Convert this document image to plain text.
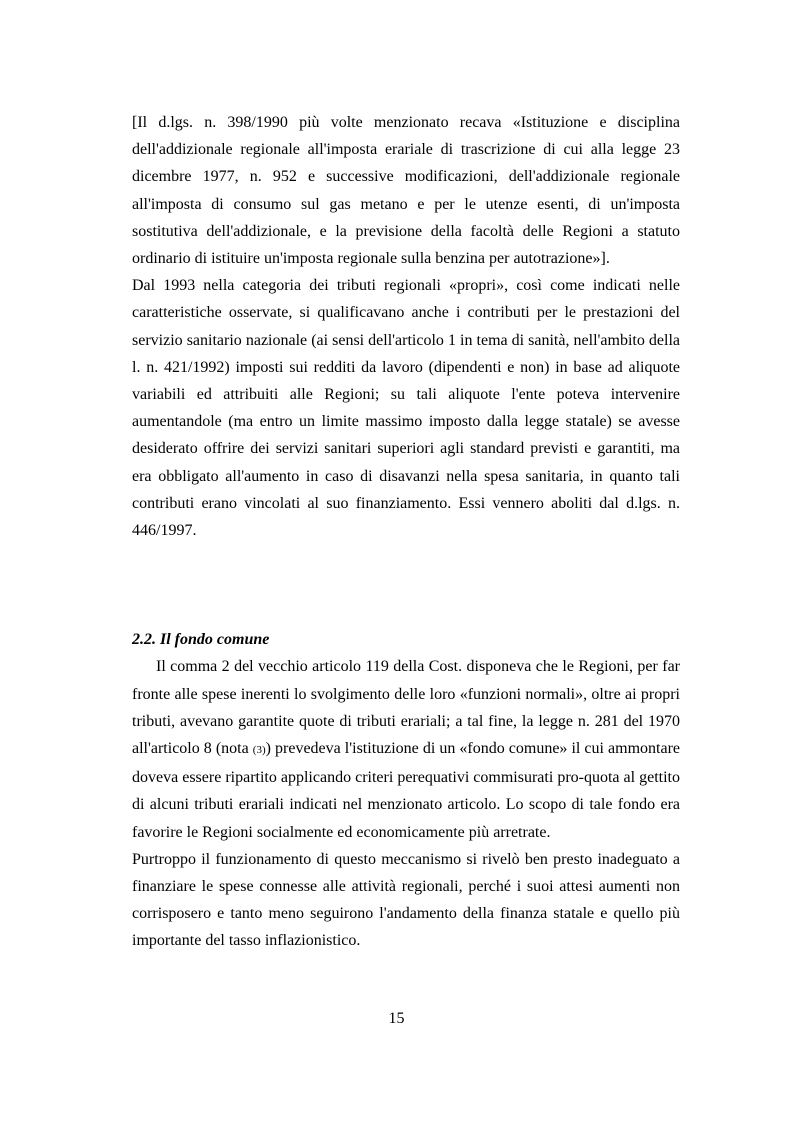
[Il d.lgs. n. 398/1990 più volte menzionato recava «Istituzione e disciplina dell'addizionale regionale all'imposta erariale di trascrizione di cui alla legge 23 dicembre 1977, n. 952 e successive modificazioni, dell'addizionale regionale all'imposta di consumo sul gas metano e per le utenze esenti, di un'imposta sostitutiva dell'addizionale, e la previsione della facoltà delle Regioni a statuto ordinario di istituire un'imposta regionale sulla benzina per autotrazione»].

Dal 1993 nella categoria dei tributi regionali «propri», così come indicati nelle caratteristiche osservate, si qualificavano anche i contributi per le prestazioni del servizio sanitario nazionale (ai sensi dell'articolo 1 in tema di sanità, nell'ambito della l. n. 421/1992) imposti sui redditi da lavoro (dipendenti e non) in base ad aliquote variabili ed attribuiti alle Regioni; su tali aliquote l'ente poteva intervenire aumentandole (ma entro un limite massimo imposto dalla legge statale) se avesse desiderato offrire dei servizi sanitari superiori agli standard previsti e garantiti, ma era obbligato all'aumento in caso di disavanzi nella spesa sanitaria, in quanto tali contributi erano vincolati al suo finanziamento. Essi vennero aboliti dal d.lgs. n. 446/1997.

2.2. Il fondo comune

Il comma 2 del vecchio articolo 119 della Cost. disponeva che le Regioni, per far fronte alle spese inerenti lo svolgimento delle loro «funzioni normali», oltre ai propri tributi, avevano garantite quote di tributi erariali; a tal fine, la legge n. 281 del 1970 all'articolo 8 (nota (3)) prevedeva l'istituzione di un «fondo comune» il cui ammontare doveva essere ripartito applicando criteri perequativi commisurati pro-quota al gettito di alcuni tributi erariali indicati nel menzionato articolo. Lo scopo di tale fondo era favorire le Regioni socialmente ed economicamente più arretrate.

Purtroppo il funzionamento di questo meccanismo si rivelò ben presto inadeguato a finanziare le spese connesse alle attività regionali, perché i suoi attesi aumenti non corrisposero e tanto meno seguirono l'andamento della finanza statale e quello più importante del tasso inflazionistico.

15
